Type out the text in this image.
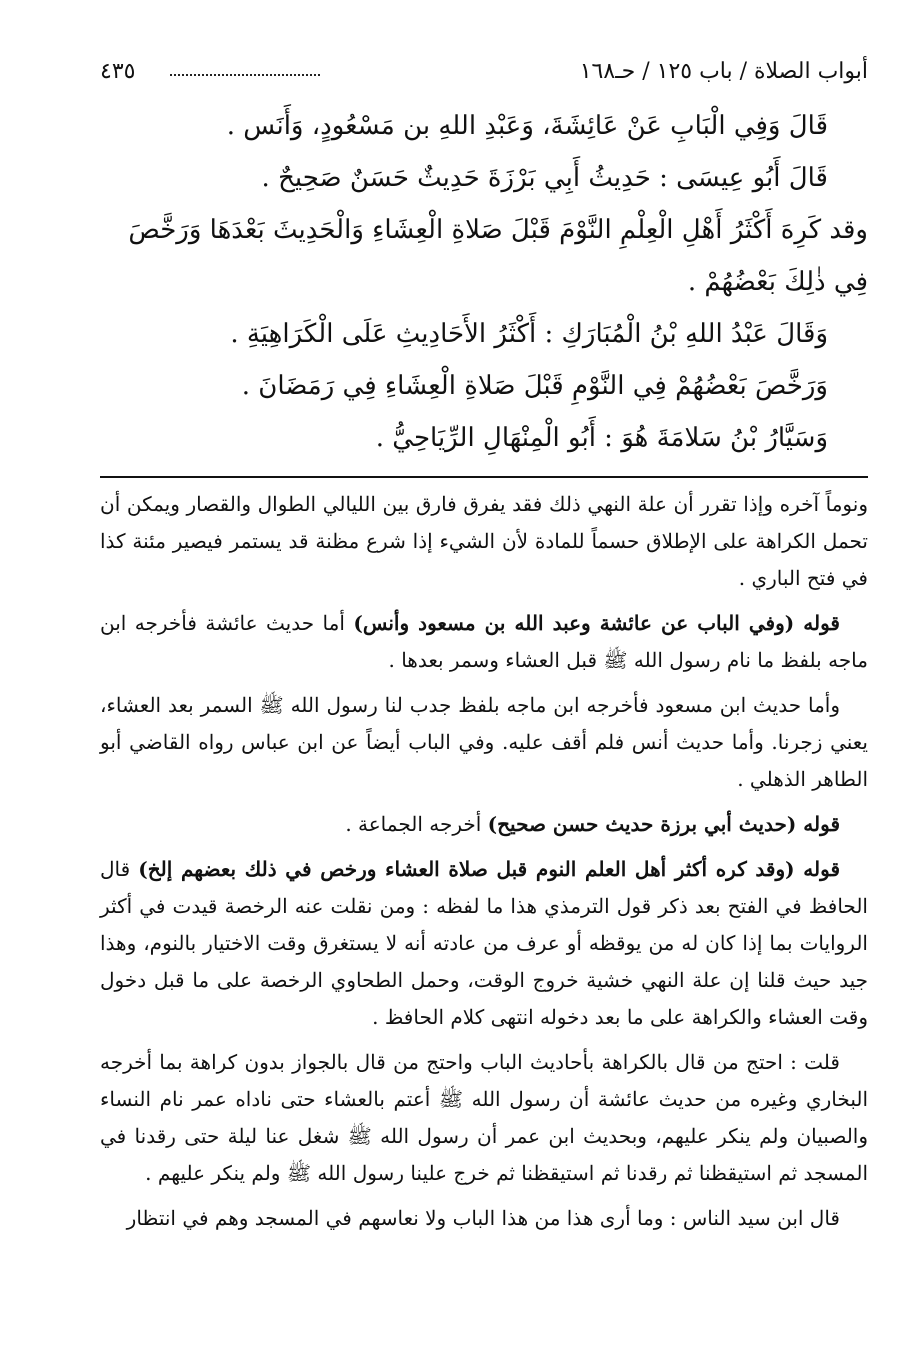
أبواب الصلاة / باب ١٢٥ / حـ١٦٨
٤٣٥

قَالَ وَفِي الْبَابِ عَنْ عَائِشَةَ، وَعَبْدِ اللهِ بن مَسْعُودٍ، وَأَنَس .

قَالَ أَبُو عِيسَى : حَدِيثُ أَبِي بَرْزَةَ حَدِيثٌ حَسَنٌ صَحِيحٌ .

وقد كَرِهَ أَكْثَرُ أَهْلِ الْعِلْمِ النَّوْمَ قَبْلَ صَلاةِ الْعِشَاءِ وَالْحَدِيثَ بَعْدَهَا وَرَخَّصَ فِي ذٰلِكَ بَعْضُهُمْ .

وَقَالَ عَبْدُ اللهِ بْنُ الْمُبَارَكِ : أَكْثَرُ الأَحَادِيثِ عَلَى الْكَرَاهِيَةِ .

وَرَخَّصَ بَعْضُهُمْ فِي النَّوْمِ قَبْلَ صَلاةِ الْعِشَاءِ فِي رَمَضَانَ .

وَسَيَّارُ بْنُ سَلامَةَ هُوَ : أَبُو الْمِنْهَالِ الرِّيَاحِيُّ .

ونوماً آخره وإذا تقرر أن علة النهي ذلك فقد يفرق فارق بين الليالي الطوال والقصار ويمكن أن تحمل الكراهة على الإطلاق حسماً للمادة لأن الشيء إذا شرع مظنة قد يستمر فيصير مئنة كذا في فتح الباري .

قوله (وفي الباب عن عائشة وعبد الله بن مسعود وأنس) أما حديث عائشة فأخرجه ابن ماجه بلفظ ما نام رسول الله ﷺ قبل العشاء وسمر بعدها .

وأما حديث ابن مسعود فأخرجه ابن ماجه بلفظ جدب لنا رسول الله ﷺ السمر بعد العشاء، يعني زجرنا. وأما حديث أنس فلم أقف عليه. وفي الباب أيضاً عن ابن عباس رواه القاضي أبو الطاهر الذهلي .

قوله (حديث أبي برزة حديث حسن صحيح) أخرجه الجماعة .

قوله (وقد كره أكثر أهل العلم النوم قبل صلاة العشاء ورخص في ذلك بعضهم إلخ) قال الحافظ في الفتح بعد ذكر قول الترمذي هذا ما لفظه : ومن نقلت عنه الرخصة قيدت في أكثر الروايات بما إذا كان له من يوقظه أو عرف من عادته أنه لا يستغرق وقت الاختيار بالنوم، وهذا جيد حيث قلنا إن علة النهي خشية خروج الوقت، وحمل الطحاوي الرخصة على ما قبل دخول وقت العشاء والكراهة على ما بعد دخوله انتهى كلام الحافظ .

قلت : احتج من قال بالكراهة بأحاديث الباب واحتج من قال بالجواز بدون كراهة بما أخرجه البخاري وغيره من حديث عائشة أن رسول الله ﷺ أعتم بالعشاء حتى ناداه عمر نام النساء والصبيان ولم ينكر عليهم، وبحديث ابن عمر أن رسول الله ﷺ شغل عنا ليلة حتى رقدنا في المسجد ثم استيقظنا ثم رقدنا ثم استيقظنا ثم خرج علينا رسول الله ﷺ ولم ينكر عليهم .

قال ابن سيد الناس : وما أرى هذا من هذا الباب ولا نعاسهم في المسجد وهم في انتظار
